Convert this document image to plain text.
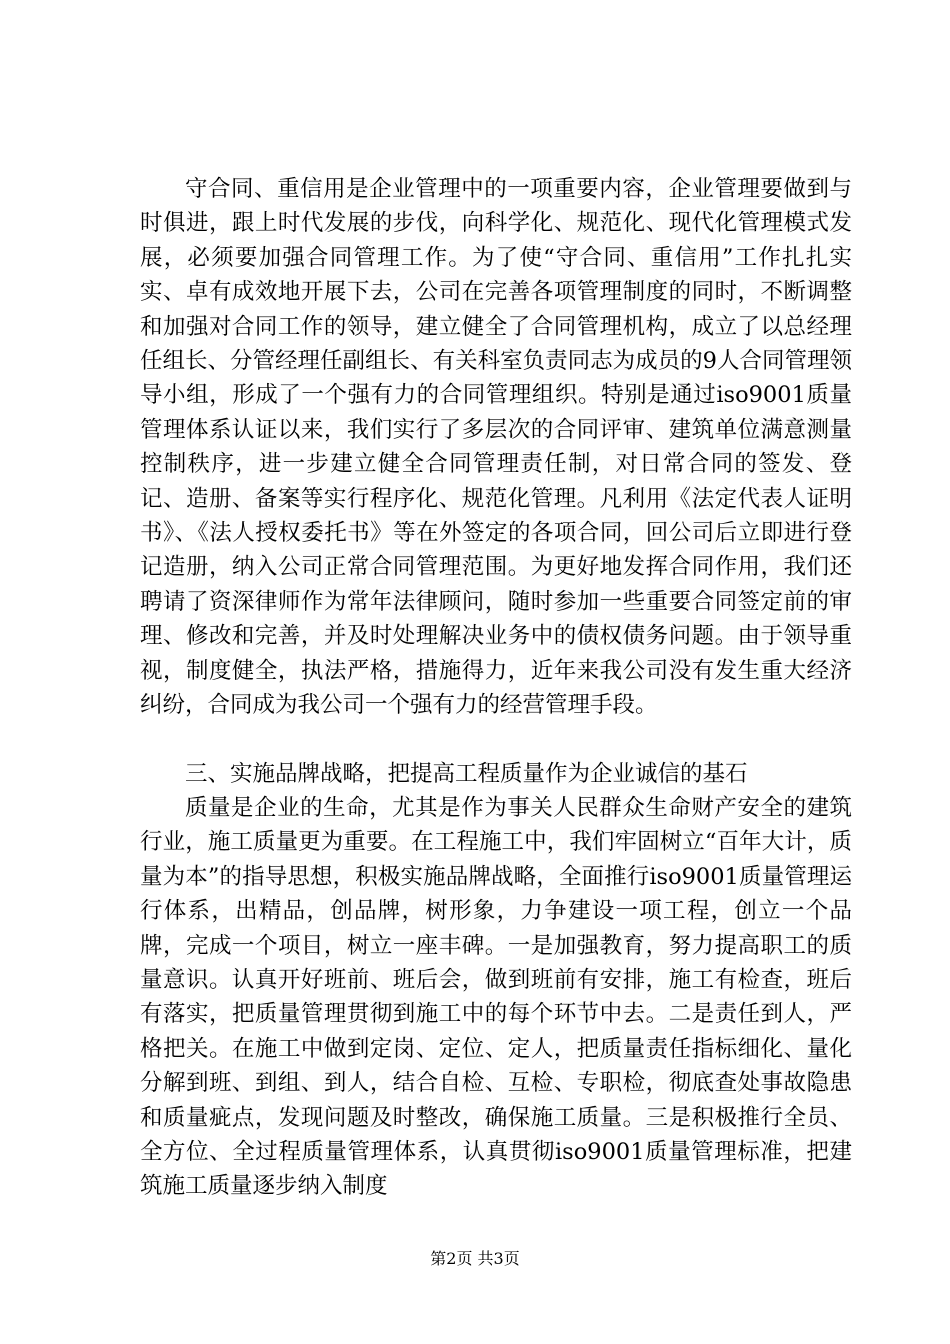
守合同、重信用是企业管理中的一项重要内容，企业管理要做到与时俱进，跟上时代发展的步伐，向科学化、规范化、现代化管理模式发展，必须要加强合同管理工作。为了使“守合同、重信用”工作扎扎实实、卓有成效地开展下去，公司在完善各项管理制度的同时，不断调整和加强对合同工作的领导，建立健全了合同管理机构，成立了以总经理任组长、分管经理任副组长、有关科室负责同志为成员的9人合同管理领导小组，形成了一个强有力的合同管理组织。特别是通过iso9001质量管理体系认证以来，我们实行了多层次的合同评审、建筑单位满意测量控制秩序，进一步建立健全合同管理责任制，对日常合同的签发、登记、造册、备案等实行程序化、规范化管理。凡利用《法定代表人证明书》、《法人授权委托书》等在外签定的各项合同，回公司后立即进行登记造册，纳入公司正常合同管理范围。为更好地发挥合同作用，我们还聘请了资深律师作为常年法律顾问，随时参加一些重要合同签定前的审理、修改和完善，并及时处理解决业务中的债权债务问题。由于领导重视，制度健全，执法严格，措施得力，近年来我公司没有发生重大经济纠纷，合同成为我公司一个强有力的经营管理手段。

三、实施品牌战略，把提高工程质量作为企业诚信的基石

质量是企业的生命，尤其是作为事关人民群众生命财产安全的建筑行业，施工质量更为重要。在工程施工中，我们牢固树立“百年大计，质量为本”的指导思想，积极实施品牌战略，全面推行iso9001质量管理运行体系，出精品，创品牌，树形象，力争建设一项工程，创立一个品牌，完成一个项目，树立一座丰碑。一是加强教育，努力提高职工的质量意识。认真开好班前、班后会，做到班前有安排，施工有检查，班后有落实，把质量管理贯彻到施工中的每个环节中去。二是责任到人，严格把关。在施工中做到定岗、定位、定人，把质量责任指标细化、量化分解到班、到组、到人，结合自检、互检、专职检，彻底查处事故隐患和质量疵点，发现问题及时整改，确保施工质量。三是积极推行全员、全方位、全过程质量管理体系，认真贯彻iso9001质量管理标准，把建筑施工质量逐步纳入制度

第2页 共3页
